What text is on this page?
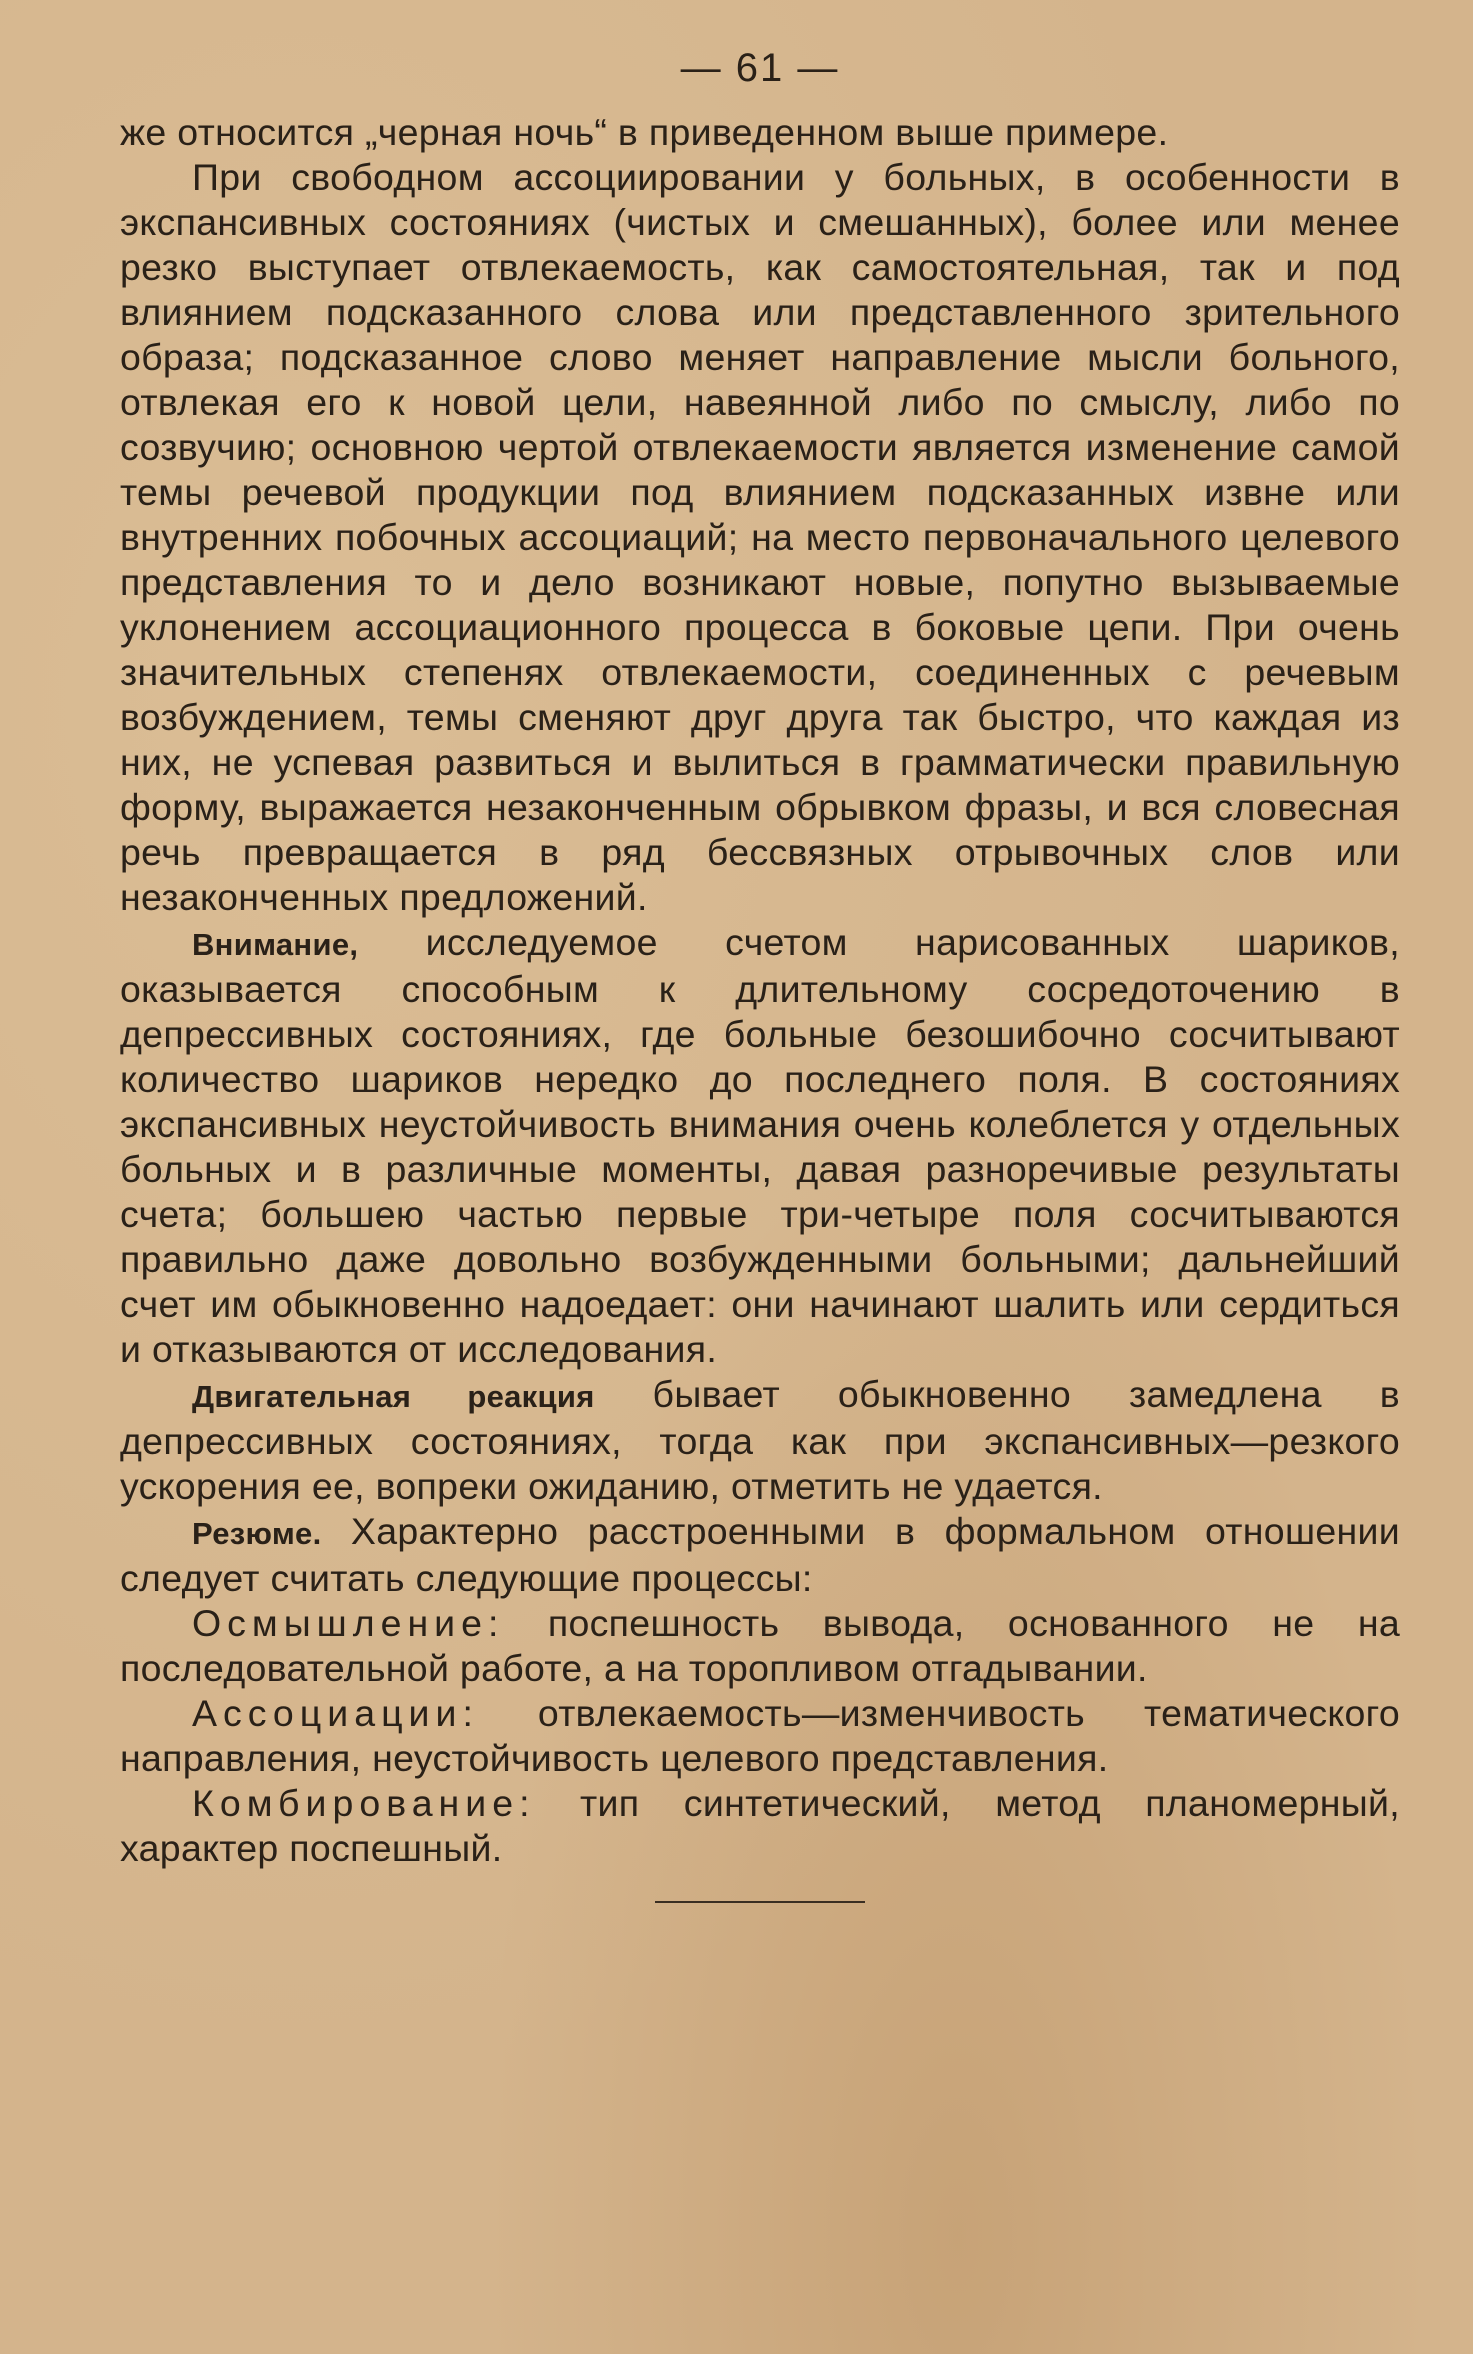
— 61 —

же относится „черная ночь“ в приведенном выше примере.

При свободном ассоциировании у больных, в особенности в экспансивных состояниях (чистых и смешанных), более или менее резко выступает отвлекаемость, как самостоятельная, так и под влиянием подсказанного слова или представленного зрительного образа; подсказанное слово меняет направление мысли больного, отвлекая его к новой цели, навеянной либо по смыслу, либо по созвучию; основною чертой отвлекаемости является изменение самой темы речевой продукции под влиянием подсказанных извне или внутренних побочных ассоциаций; на место первоначального целевого представления то и дело возникают новые, попутно вызываемые уклонением ассоциационного процесса в боковые цепи. При очень значительных степенях отвлекаемости, соединенных с речевым возбуждением, темы сменяют друг друга так быстро, что каждая из них, не успевая развиться и вылиться в грамматически правильную форму, выражается незаконченным обрывком фразы, и вся словесная речь превращается в ряд бессвязных отрывочных слов или незаконченных предложений.

Внимание, исследуемое счетом нарисованных шариков, оказывается способным к длительному сосредоточению в депрессивных состояниях, где больные безошибочно сосчитывают количество шариков нередко до последнего поля. В состояниях экспансивных неустойчивость внимания очень колеблется у отдельных больных и в различные моменты, давая разноречивые результаты счета; большею частью первые три-четыре поля сосчитываются правильно даже довольно возбужденными больными; дальнейший счет им обыкновенно надоедает: они начинают шалить или сердиться и отказываются от исследования.

Двигательная реакция бывает обыкновенно замедлена в депрессивных состояниях, тогда как при экспансивных—резкого ускорения ее, вопреки ожиданию, отметить не удается.

Резюме. Характерно расстроенными в формальном отношении следует считать следующие процессы:

Осмышление: поспешность вывода, основанного не на последовательной работе, а на торопливом отгадывании.

Ассоциации: отвлекаемость—изменчивость тематического направления, неустойчивость целевого представления.

Комбирование: тип синтетический, метод планомерный, характер поспешный.
